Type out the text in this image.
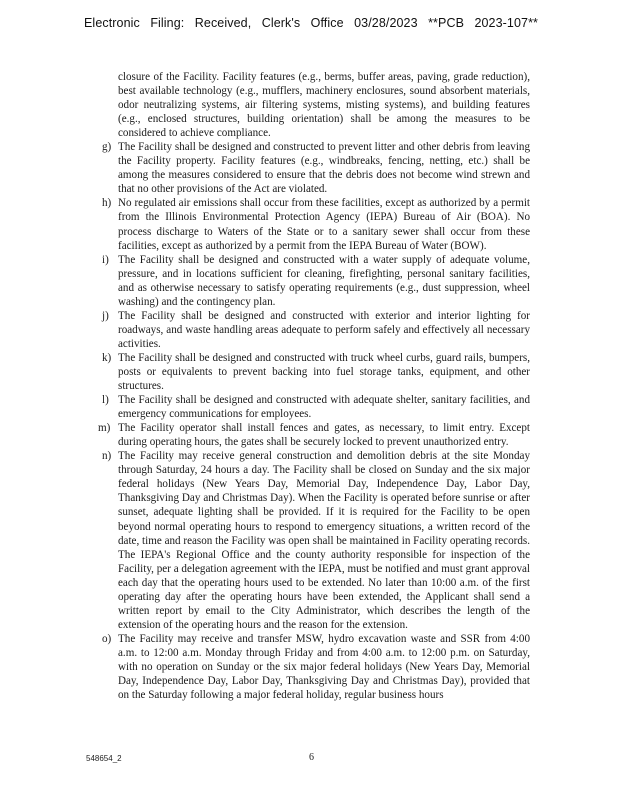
Electronic Filing: Received, Clerk's Office 03/28/2023 **PCB 2023-107**
closure of the Facility. Facility features (e.g., berms, buffer areas, paving, grade reduction), best available technology (e.g., mufflers, machinery enclosures, sound absorbent materials, odor neutralizing systems, air filtering systems, misting systems), and building features (e.g., enclosed structures, building orientation) shall be among the measures to be considered to achieve compliance.
g) The Facility shall be designed and constructed to prevent litter and other debris from leaving the Facility property. Facility features (e.g., windbreaks, fencing, netting, etc.) shall be among the measures considered to ensure that the debris does not become wind strewn and that no other provisions of the Act are violated.
h) No regulated air emissions shall occur from these facilities, except as authorized by a permit from the Illinois Environmental Protection Agency (IEPA) Bureau of Air (BOA). No process discharge to Waters of the State or to a sanitary sewer shall occur from these facilities, except as authorized by a permit from the IEPA Bureau of Water (BOW).
i) The Facility shall be designed and constructed with a water supply of adequate volume, pressure, and in locations sufficient for cleaning, firefighting, personal sanitary facilities, and as otherwise necessary to satisfy operating requirements (e.g., dust suppression, wheel washing) and the contingency plan.
j) The Facility shall be designed and constructed with exterior and interior lighting for roadways, and waste handling areas adequate to perform safely and effectively all necessary activities.
k) The Facility shall be designed and constructed with truck wheel curbs, guard rails, bumpers, posts or equivalents to prevent backing into fuel storage tanks, equipment, and other structures.
l) The Facility shall be designed and constructed with adequate shelter, sanitary facilities, and emergency communications for employees.
m) The Facility operator shall install fences and gates, as necessary, to limit entry. Except during operating hours, the gates shall be securely locked to prevent unauthorized entry.
n) The Facility may receive general construction and demolition debris at the site Monday through Saturday, 24 hours a day. The Facility shall be closed on Sunday and the six major federal holidays (New Years Day, Memorial Day, Independence Day, Labor Day, Thanksgiving Day and Christmas Day). When the Facility is operated before sunrise or after sunset, adequate lighting shall be provided. If it is required for the Facility to be open beyond normal operating hours to respond to emergency situations, a written record of the date, time and reason the Facility was open shall be maintained in Facility operating records. The IEPA's Regional Office and the county authority responsible for inspection of the Facility, per a delegation agreement with the IEPA, must be notified and must grant approval each day that the operating hours used to be extended. No later than 10:00 a.m. of the first operating day after the operating hours have been extended, the Applicant shall send a written report by email to the City Administrator, which describes the length of the extension of the operating hours and the reason for the extension.
o) The Facility may receive and transfer MSW, hydro excavation waste and SSR from 4:00 a.m. to 12:00 a.m. Monday through Friday and from 4:00 a.m. to 12:00 p.m. on Saturday, with no operation on Sunday or the six major federal holidays (New Years Day, Memorial Day, Independence Day, Labor Day, Thanksgiving Day and Christmas Day), provided that on the Saturday following a major federal holiday, regular business hours
548654_2	6
